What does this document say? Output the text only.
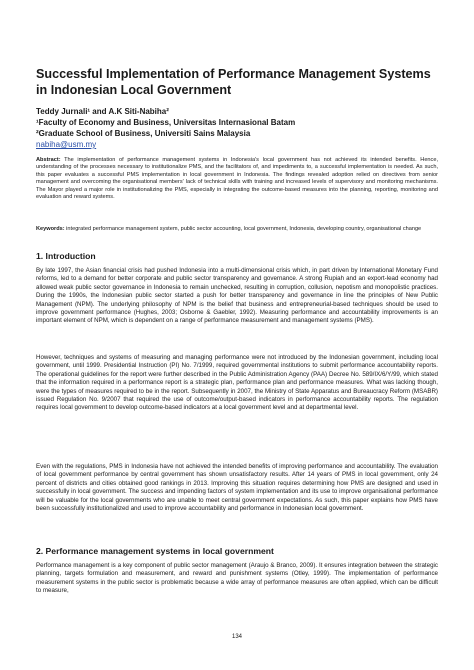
Successful Implementation of Performance Management Systems in Indonesian Local Government
Teddy Jurnali¹ and A.K Siti-Nabiha²
¹Faculty of Economy and Business, Universitas Internasional Batam
²Graduate School of Business, Universiti Sains Malaysia
nabiha@usm.my

Abstract: The implementation of performance management systems in Indonesia's local government has not achieved its intended benefits. Hence, understanding of the processes necessary to institutionalize PMS, and the facilitators of, and impediments to, a successful implementation is needed. As such, this paper evaluates a successful PMS implementation in local government in Indonesia. The findings revealed adoption relied on directives from senior management and overcoming the organisational members' lack of technical skills with training and increased levels of supervisory and monitoring mechanisms. The Mayor played a major role in institutionalizing the PMS, especially in integrating the outcome-based measures into the planning, reporting, monitoring and evaluation and reward systems.

Keywords: integrated performance management system, public sector accounting, local government, Indonesia, developing country, organisational change

1. Introduction

By late 1997, the Asian financial crisis had pushed Indonesia into a multi-dimensional crisis which, in part driven by International Monetary Fund reforms, led to a demand for better corporate and public sector transparency and governance. A strong Rupiah and an export-lead economy had allowed weak public sector governance in Indonesia to remain unchecked, resulting in corruption, collusion, nepotism and monopolistic practices. During the 1990s, the Indonesian public sector started a push for better transparency and governance in line the principles of New Public Management (NPM). The underlying philosophy of NPM is the belief that business and entrepreneurial-based techniques should be used to improve government performance (Hughes, 2003; Osborne & Gaebler, 1992). Measuring performance and accountability improvements is an important element of NPM, which is dependent on a range of performance measurement and management systems (PMS).

However, techniques and systems of measuring and managing performance were not introduced by the Indonesian government, including local government, until 1999. Presidential Instruction (PI) No. 7/1999, required governmental institutions to submit performance accountability reports. The operational guidelines for the report were further described in the Public Administration Agency (PAA) Decree No. 589/IX/6/Y/99, which stated that the information required in a performance report is a strategic plan, performance plan and performance measures. What was lacking though, were the types of measures required to be in the report. Subsequently in 2007, the Ministry of State Apparatus and Bureaucracy Reform (MSABR) issued Regulation No. 9/2007 that required the use of outcome/output-based indicators in performance accountability reports. The regulation requires local government to develop outcome-based indicators at a local government level and at departmental level.

Even with the regulations, PMS in Indonesia have not achieved the intended benefits of improving performance and accountability. The evaluation of local government performance by central government has shown unsatisfactory results. After 14 years of PMS in local government, only 24 percent of districts and cities obtained good rankings in 2013. Improving this situation requires determining how PMS are designed and used in successfully in local government. The success and impending factors of system implementation and its use to improve organisational performance will be valuable for the local governments who are unable to meet central government expectations. As such, this paper explains how PMS have been successfully institutionalized and used to improve accountability and performance in Indonesian local government.

2. Performance management systems in local government

Performance management is a key component of public sector management (Araujo & Branco, 2009). It ensures integration between the strategic planning, targets formulation and measurement, and reward and punishment systems (Otley, 1999). The implementation of performance measurement systems in the public sector is problematic because a wide array of performance measures are often applied, which can be difficult to measure,

134
